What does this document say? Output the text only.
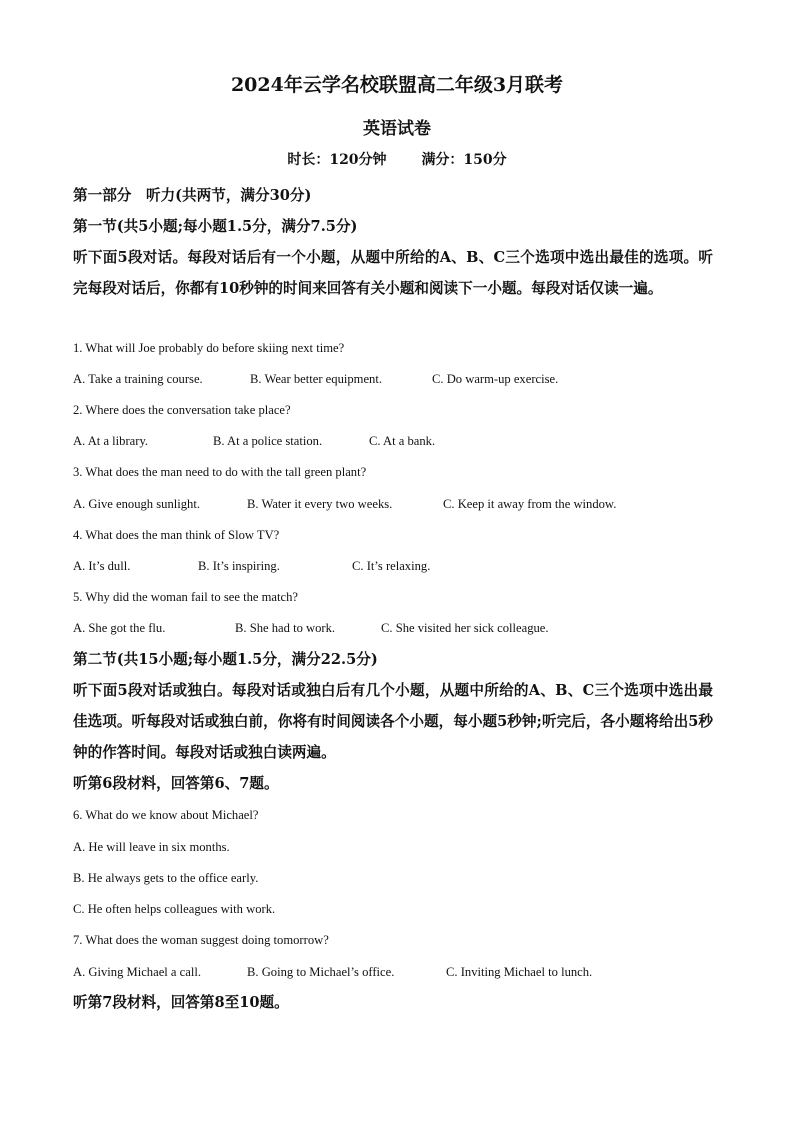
2024年云学名校联盟高二年级3月联考
英语试卷
时长：120分钟 满分：150分

第一部分　听力(共两节，满分30分)

第一节(共5小题;每小题1.5分，满分7.5分)

听下面5段对话。每段对话后有一个小题，从题中所给的A、B、C三个选项中选出最佳的选项。听完每段对话后，你都有10秒钟的时间来回答有关小题和阅读下一小题。每段对话仅读一遍。

1. What will Joe probably do before skiing next time?
A. Take a training course.	B. Wear better equipment.	C. Do warm-up exercise.
2. Where does the conversation take place?
A. At a library.	B. At a police station.	C. At a bank.
3. What does the man need to do with the tall green plant?
A. Give enough sunlight.	B. Water it every two weeks.	C. Keep it away from the window.
4. What does the man think of Slow TV?
A. It’s dull.	B. It’s inspiring.	C. It’s relaxing.
5. Why did the woman fail to see the match?
A. She got the flu.	B. She had to work.	C. She visited her sick colleague.

第二节(共15小题;每小题1.5分，满分22.5分)

听下面5段对话或独白。每段对话或独白后有几个小题，从题中所给的A、B、C三个选项中选出最佳选项。听每段对话或独白前，你将有时间阅读各个小题，每小题5秒钟;听完后，各小题将给出5秒钟的作答时间。每段对话或独白读两遍。

听第6段材料，回答第6、7题。

6. What do we know about Michael?
A. He will leave in six months.
B. He always gets to the office early.
C. He often helps colleagues with work.
7. What does the woman suggest doing tomorrow?
A. Giving Michael a call.	B. Going to Michael’s office.	C. Inviting Michael to lunch.

听第7段材料，回答第8至10题。
